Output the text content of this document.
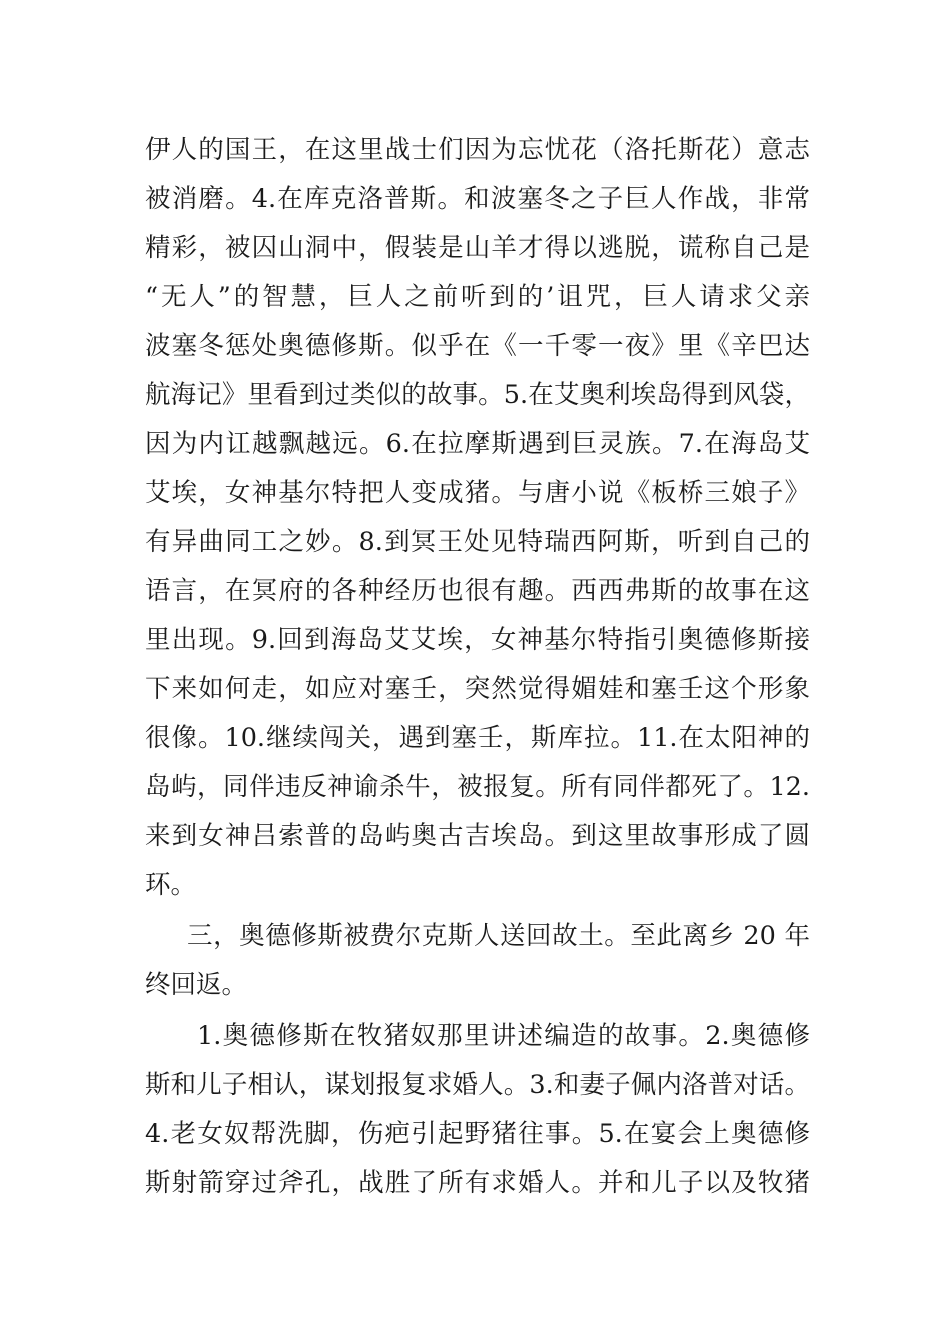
伊人的国王，在这里战士们因为忘忧花（洛托斯花）意志
被消磨。4.在库克洛普斯。和波塞冬之子巨人作战，非常
精彩，被囚山洞中，假装是山羊才得以逃脱，谎称自己是
“无人”的智慧，巨人之前听到的’诅咒，巨人请求父亲
波塞冬惩处奥德修斯。似乎在《一千零一夜》里《辛巴达
航海记》里看到过类似的故事。5.在艾奥利埃岛得到风袋，
因为内讧越飘越远。6.在拉摩斯遇到巨灵族。7.在海岛艾
艾埃，女神基尔特把人变成猪。与唐小说《板桥三娘子》
有异曲同工之妙。8.到冥王处见特瑞西阿斯，听到自己的
语言，在冥府的各种经历也很有趣。西西弗斯的故事在这
里出现。9.回到海岛艾艾埃，女神基尔特指引奥德修斯接
下来如何走，如应对塞壬，突然觉得媚娃和塞壬这个形象
很像。10.继续闯关，遇到塞壬，斯库拉。11.在太阳神的
岛屿，同伴违反神谕杀牛，被报复。所有同伴都死了。12.
来到女神吕索普的岛屿奥古吉埃岛。到这里故事形成了圆
环。
三，奥德修斯被费尔克斯人送回故土。至此离乡 20 年
终回返。
1.奥德修斯在牧猪奴那里讲述编造的故事。2.奥德修
斯和儿子相认，谋划报复求婚人。3.和妻子佩内洛普对话。
4.老女奴帮洗脚，伤疤引起野猪往事。5.在宴会上奥德修
斯射箭穿过斧孔，战胜了所有求婚人。并和儿子以及牧猪
